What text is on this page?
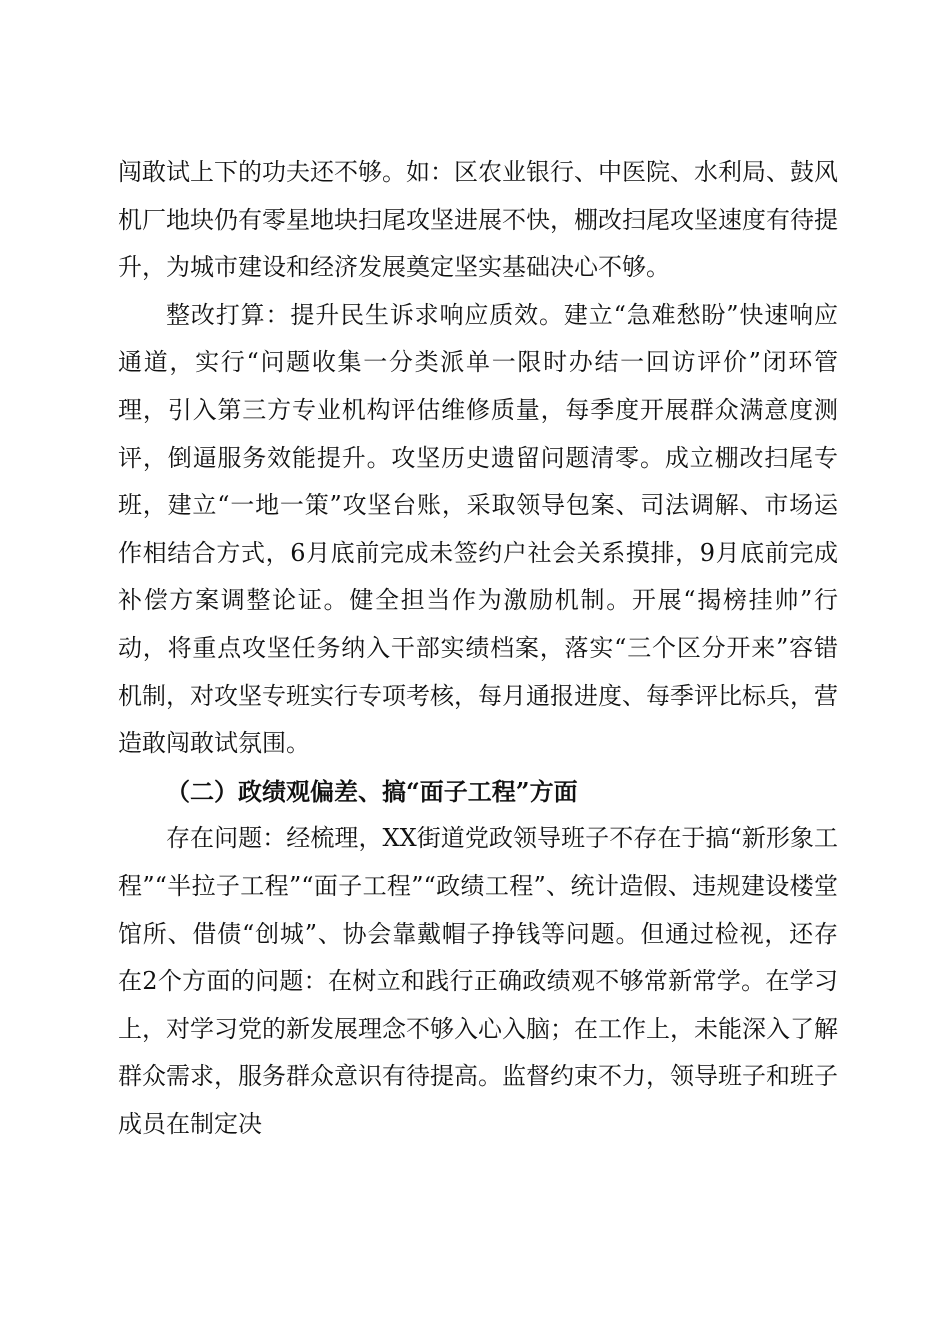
闯敢试上下的功夫还不够。如：区农业银行、中医院、水利局、鼓风机厂地块仍有零星地块扫尾攻坚进展不快，棚改扫尾攻坚速度有待提升，为城市建设和经济发展奠定坚实基础决心不够。

整改打算：提升民生诉求响应质效。建立“急难愁盼”快速响应通道，实行“问题收集一分类派单一限时办结一回访评价”闭环管理，引入第三方专业机构评估维修质量，每季度开展群众满意度测评，倒逼服务效能提升。攻坚历史遗留问题清零。成立棚改扫尾专班，建立“一地一策”攻坚台账，采取领导包案、司法调解、市场运作相结合方式，6月底前完成未签约户社会关系摸排，9月底前完成补偿方案调整论证。健全担当作为激励机制。开展“揭榜挂帅”行动，将重点攻坚任务纳入干部实绩档案，落实“三个区分开来”容错机制，对攻坚专班实行专项考核，每月通报进度、每季评比标兵，营造敢闯敢试氛围。

（二）政绩观偏差、搞“面子工程”方面

存在问题：经梳理，XX街道党政领导班子不存在于搞“新形象工程”“半拉子工程”“面子工程”“政绩工程”、统计造假、违规建设楼堂馆所、借债“创城”、协会靠戴帽子挣钱等问题。但通过检视，还存在2个方面的问题：在树立和践行正确政绩观不够常新常学。在学习上，对学习党的新发展理念不够入心入脑；在工作上，未能深入了解群众需求，服务群众意识有待提高。监督约束不力，领导班子和班子成员在制定决
